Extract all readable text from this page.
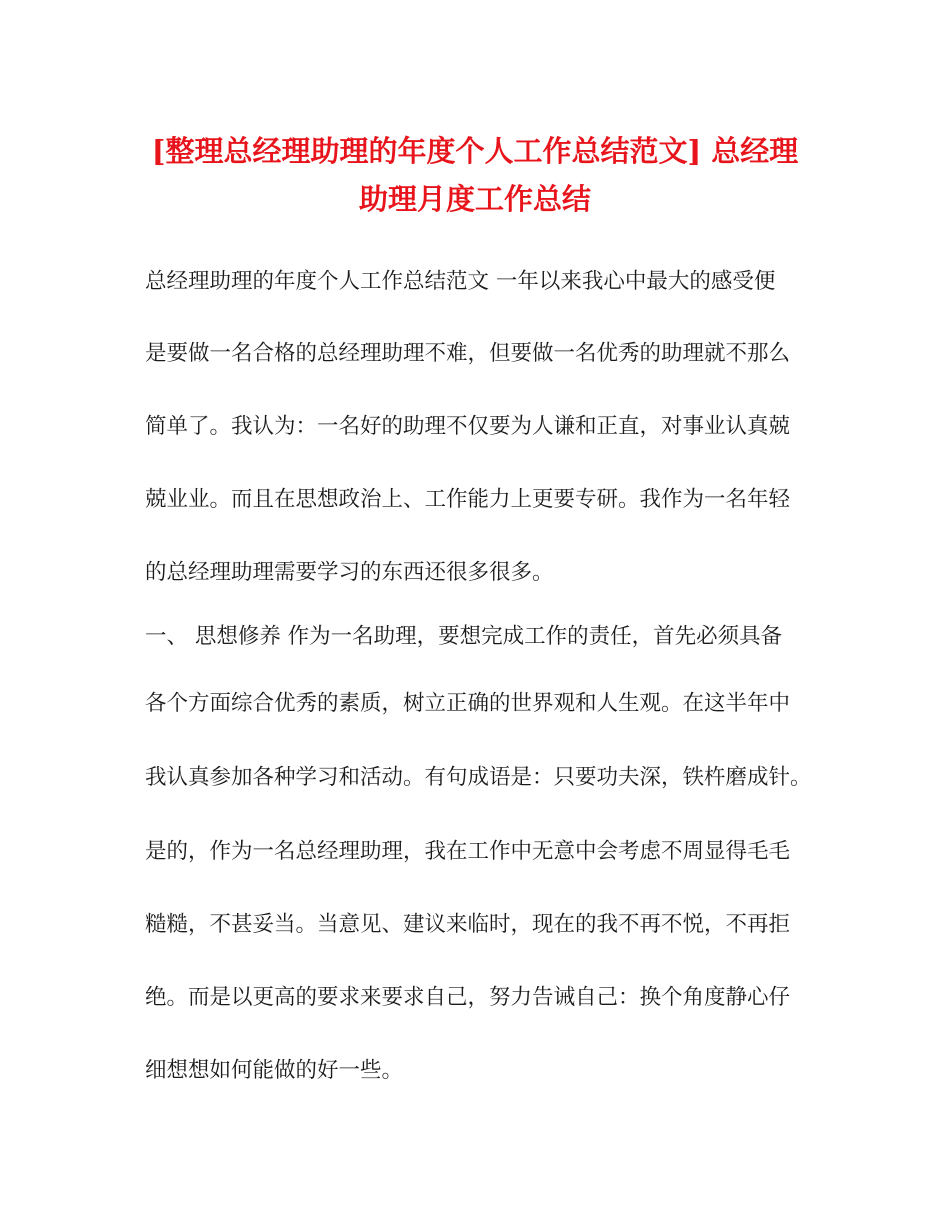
[整理总经理助理的年度个人工作总结范文] 总经理
助理月度工作总结
总经理助理的年度个人工作总结范文 一年以来我心中最大的感受便
是要做一名合格的总经理助理不难，但要做一名优秀的助理就不那么
简单了。我认为：一名好的助理不仅要为人谦和正直，对事业认真兢
兢业业。而且在思想政治上、工作能力上更要专研。我作为一名年轻
的总经理助理需要学习的东西还很多很多。
一、 思想修养 作为一名助理，要想完成工作的责任，首先必须具备
各个方面综合优秀的素质，树立正确的世界观和人生观。在这半年中
我认真参加各种学习和活动。有句成语是：只要功夫深，铁杵磨成针。
是的，作为一名总经理助理，我在工作中无意中会考虑不周显得毛毛
糙糙，不甚妥当。当意见、建议来临时，现在的我不再不悦，不再拒
绝。而是以更高的要求来要求自己，努力告诫自己：换个角度静心仔
细想想如何能做的好一些。
